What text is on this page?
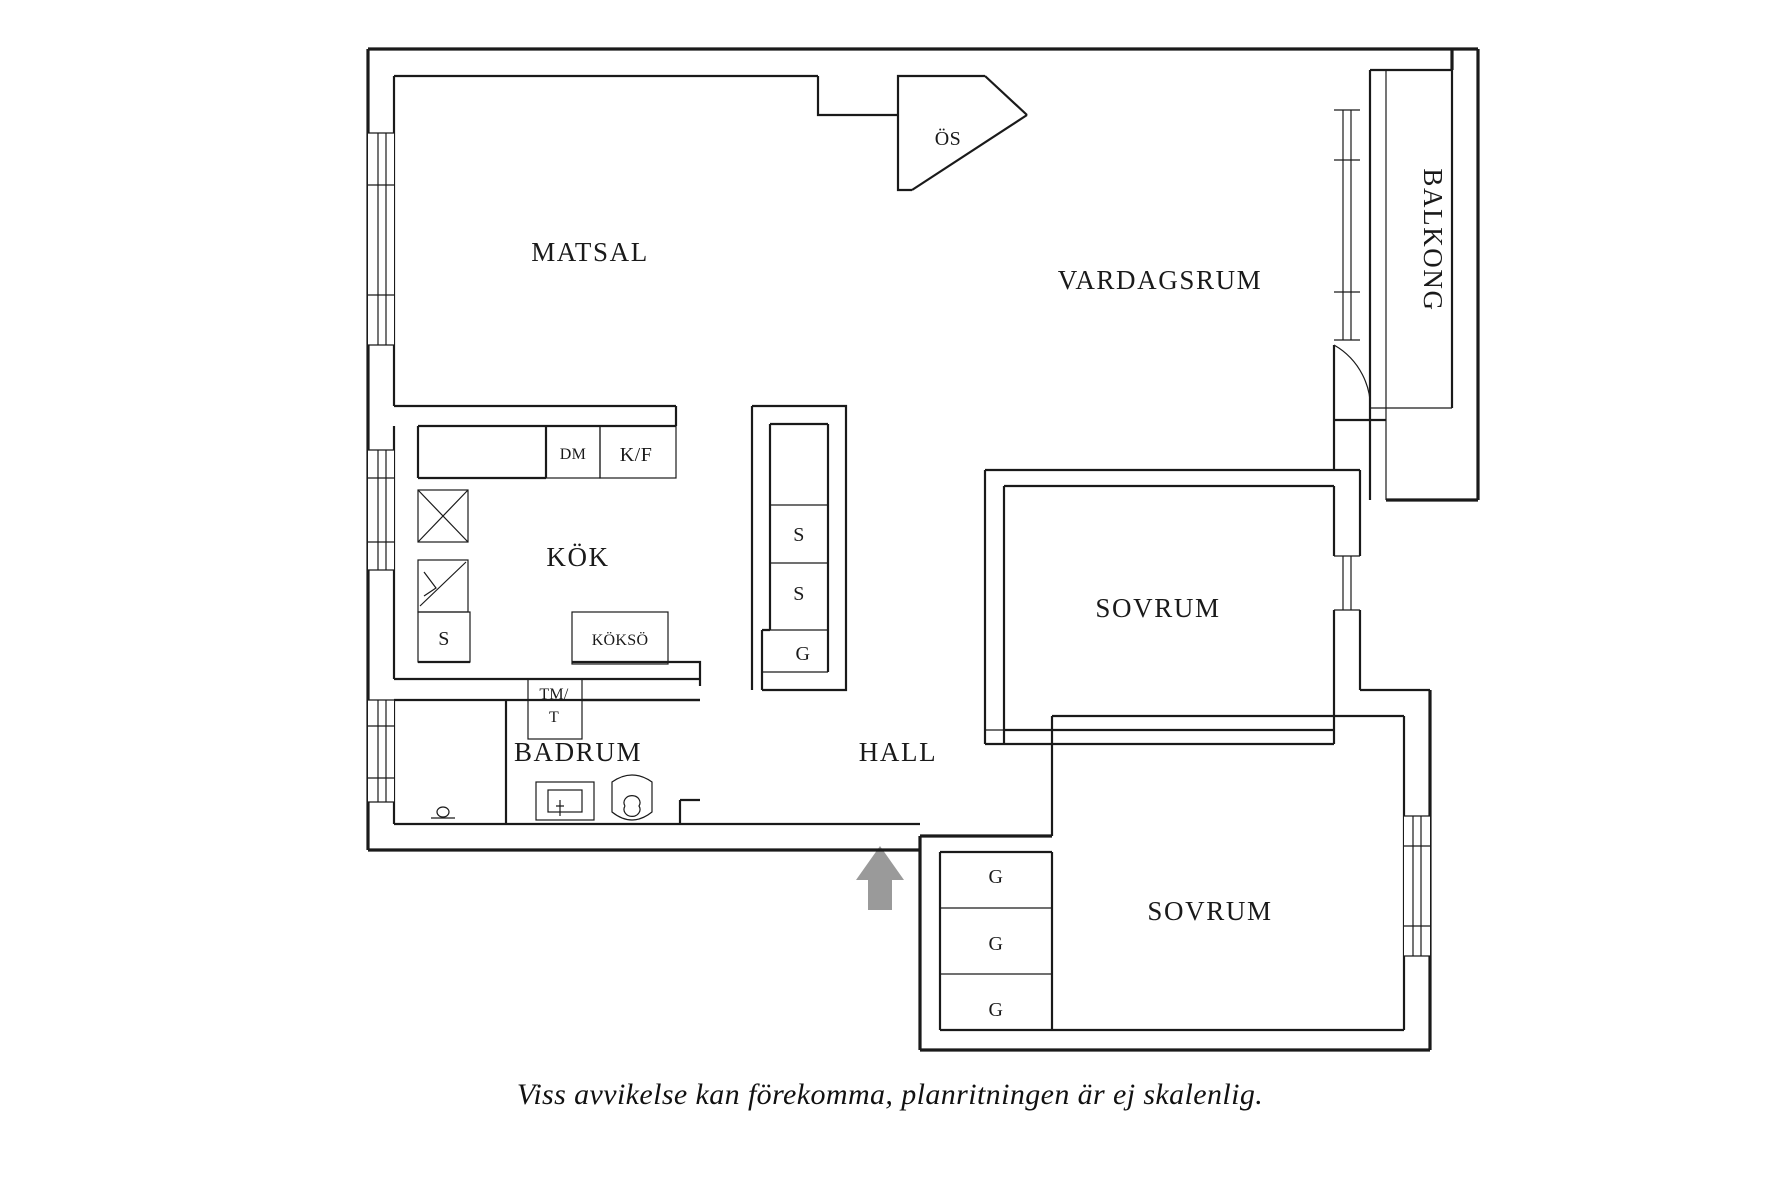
ÖS
DM K/F
KÖK
KÖKSÖ
S
BADRUM
TM/
T
S
S
G
HALL
VARDAGSRUM	BALKONG
SOVRUM
SOVRUM
G
G
G
MATSAL
Viss avvikelse kan förekomma, planritningen är ej skalenlig.
